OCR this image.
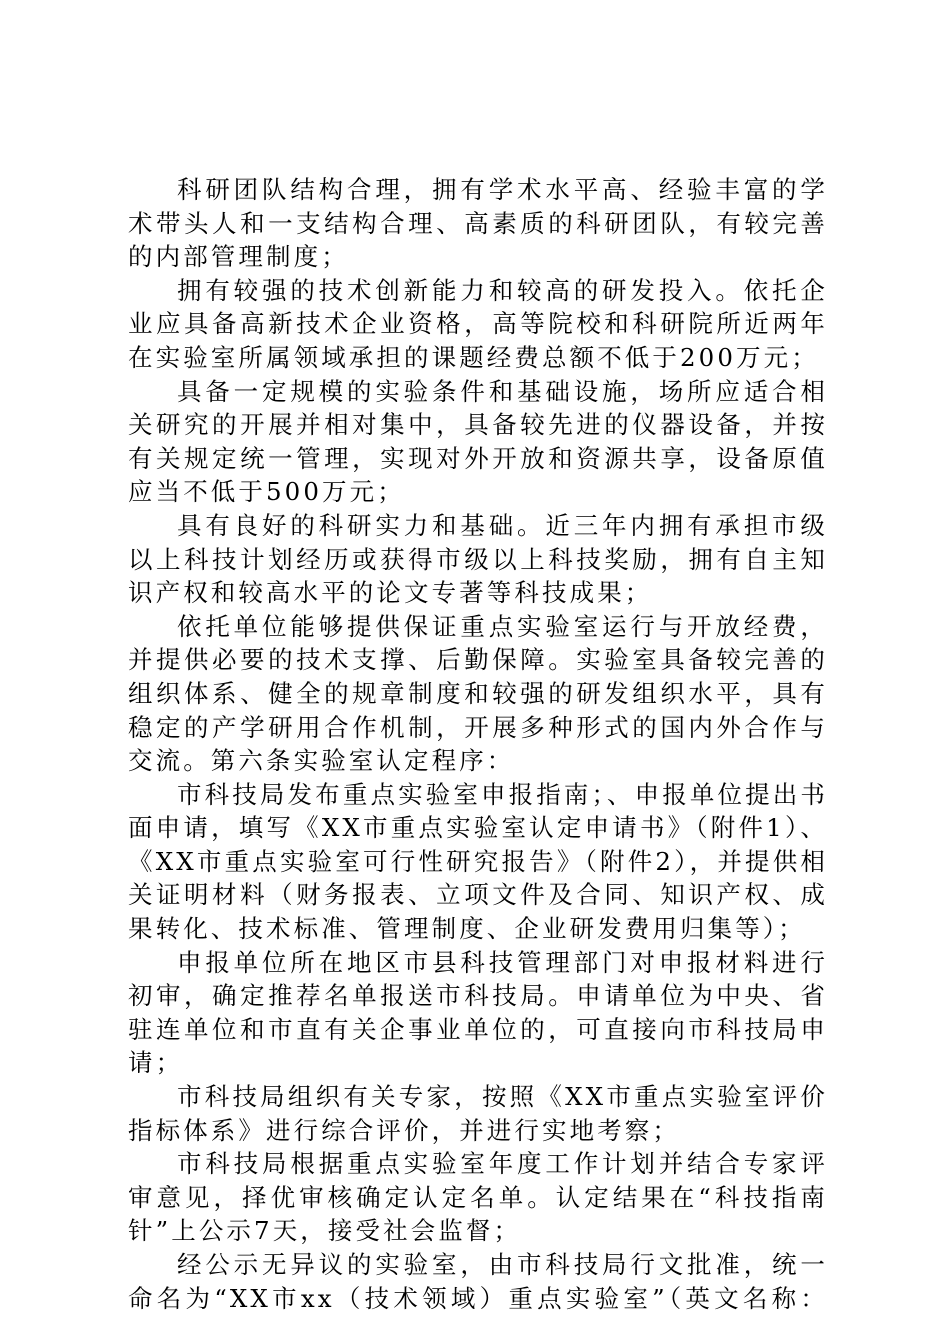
科研团队结构合理，拥有学术水平高、经验丰富的学术带头人和一支结构合理、高素质的科研团队，有较完善的内部管理制度；

拥有较强的技术创新能力和较高的研发投入。依托企业应具备高新技术企业资格，高等院校和科研院所近两年在实验室所属领域承担的课题经费总额不低于200万元；

具备一定规模的实验条件和基础设施，场所应适合相关研究的开展并相对集中，具备较先进的仪器设备，并按有关规定统一管理，实现对外开放和资源共享，设备原值应当不低于500万元；

具有良好的科研实力和基础。近三年内拥有承担市级以上科技计划经历或获得市级以上科技奖励，拥有自主知识产权和较高水平的论文专著等科技成果；

依托单位能够提供保证重点实验室运行与开放经费，并提供必要的技术支撑、后勤保障。实验室具备较完善的组织体系、健全的规章制度和较强的研发组织水平，具有稳定的产学研用合作机制，开展多种形式的国内外合作与交流。第六条实验室认定程序：

市科技局发布重点实验室申报指南；、申报单位提出书面申请，填写《XX市重点实验室认定申请书》（附件1）、《XX市重点实验室可行性研究报告》（附件2），并提供相关证明材料（财务报表、立项文件及合同、知识产权、成果转化、技术标准、管理制度、企业研发费用归集等）；

申报单位所在地区市县科技管理部门对申报材料进行初审，确定推荐名单报送市科技局。申请单位为中央、省驻连单位和市直有关企事业单位的，可直接向市科技局申请；

市科技局组织有关专家，按照《XX市重点实验室评价指标体系》进行综合评价，并进行实地考察；

市科技局根据重点实验室年度工作计划并结合专家评审意见，择优审核确定认定名单。认定结果在“科技指南针”上公示7天，接受社会监督；

经公示无异议的实验室，由市科技局行文批准，统一命名为“XX市xx（技术领域）重点实验室”（英文名称：
